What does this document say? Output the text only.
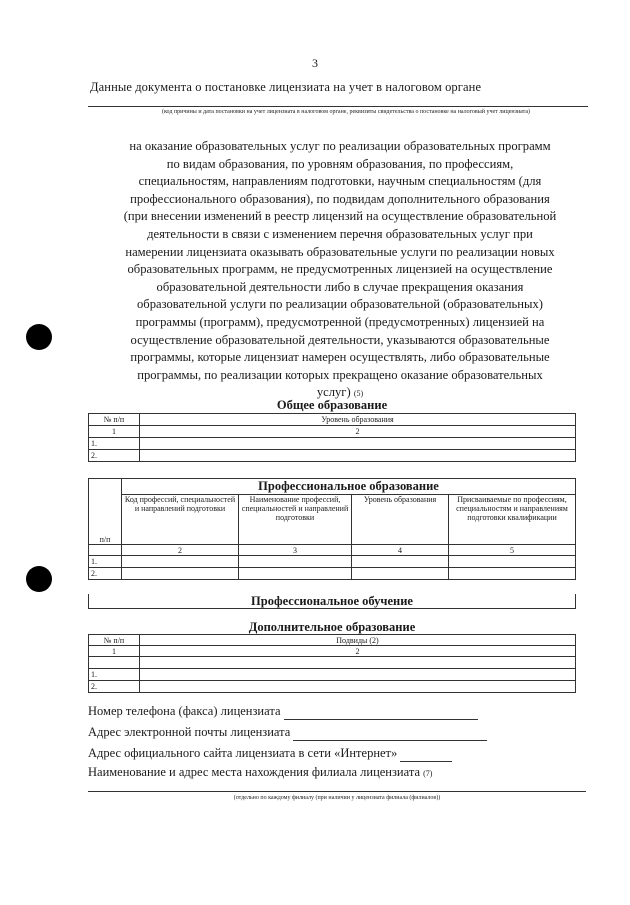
3
Данные документа о постановке лицензиата на учет в налоговом органе
(код причины и дата постановки на учет лицензиата в налоговом органе, реквизиты свидетельства о постановке на налоговый учет лицензиата)
на оказание образовательных услуг по реализации образовательных программ
по видам образования, по уровням образования, по профессиям,
специальностям, направлениям подготовки, научным специальностям (для
профессионального образования), по подвидам дополнительного образования
(при внесении изменений в реестр лицензий на осуществление образовательной
деятельности в связи с изменением перечня образовательных услуг при
намерении лицензиата оказывать образовательные услуги по реализации новых
образовательных программ, не предусмотренных лицензией на осуществление
образовательной деятельности либо в случае прекращения оказания
образовательной услуги по реализации образовательной (образовательных)
программы (программ), предусмотренной (предусмотренных) лицензией на
осуществление образовательной деятельности, указываются образовательные
программы, которые лицензиат намерен осуществлять, либо образовательные
программы, по реализации которых прекращено оказание образовательных
услуг) (5)
Общее образование
№ п/п	Уровень образования
1	2
1.	
2.	
	Профессиональное образование			
п/п	Код профессий, специальностей и направлений подготовки	Наименование профессий, специальностей и направлений подготовки	Уровень образования	Присваиваемые по профессиям, специальностям и направлениям подготовки квалификации
	2	3	4	5
1.				
2.				
Профессиональное обучение
Дополнительное образование
№ п/п	Подвиды (2)
1	2

1.	
2.	
Номер телефона (факса) лицензиата
Адрес электронной почты лицензиата
Адрес официального сайта лицензиата в сети «Интернет»
Наименование и адрес места нахождения филиала лицензиата (7)
(отдельно по каждому филиалу (при наличии у лицензиата филиала (филиалов))
